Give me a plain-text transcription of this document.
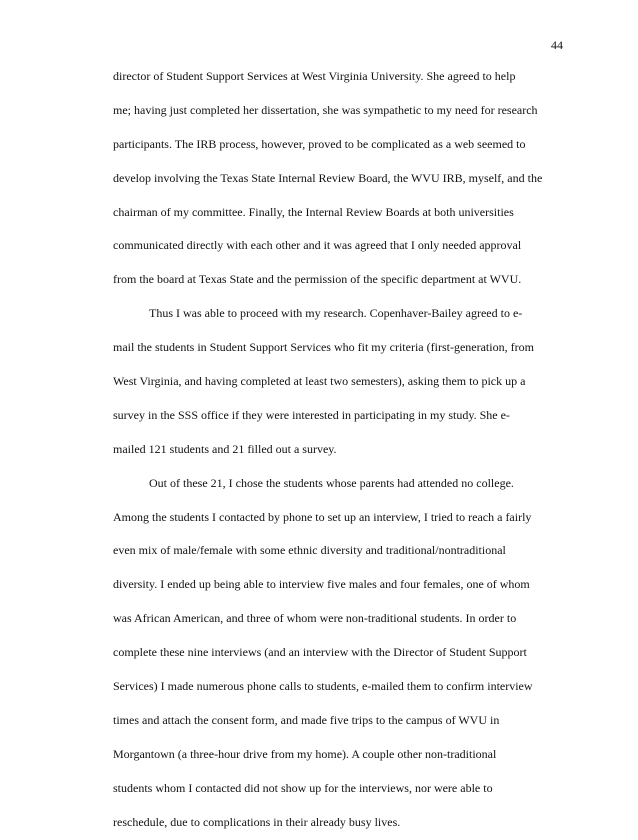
44
director of Student Support Services at West Virginia University. She agreed to help
me; having just completed her dissertation, she was sympathetic to my need for research
participants. The IRB process, however, proved to be complicated as a web seemed to
develop involving the Texas State Internal Review Board, the WVU IRB, myself, and the
chairman of my committee. Finally, the Internal Review Boards at both universities
communicated directly with each other and it was agreed that I only needed approval
from the board at Texas State and the permission of the specific department at WVU.
Thus I was able to proceed with my research. Copenhaver-Bailey agreed to e-
mail the students in Student Support Services who fit my criteria (first-generation, from
West Virginia, and having completed at least two semesters), asking them to pick up a
survey in the SSS office if they were interested in participating in my study. She e-
mailed 121 students and 21 filled out a survey.
Out of these 21, I chose the students whose parents had attended no college.
Among the students I contacted by phone to set up an interview, I tried to reach a fairly
even mix of male/female with some ethnic diversity and traditional/nontraditional
diversity. I ended up being able to interview five males and four females, one of whom
was African American, and three of whom were non-traditional students. In order to
complete these nine interviews (and an interview with the Director of Student Support
Services) I made numerous phone calls to students, e-mailed them to confirm interview
times and attach the consent form, and made five trips to the campus of WVU in
Morgantown (a three-hour drive from my home). A couple other non-traditional
students whom I contacted did not show up for the interviews, nor were able to
reschedule, due to complications in their already busy lives.
